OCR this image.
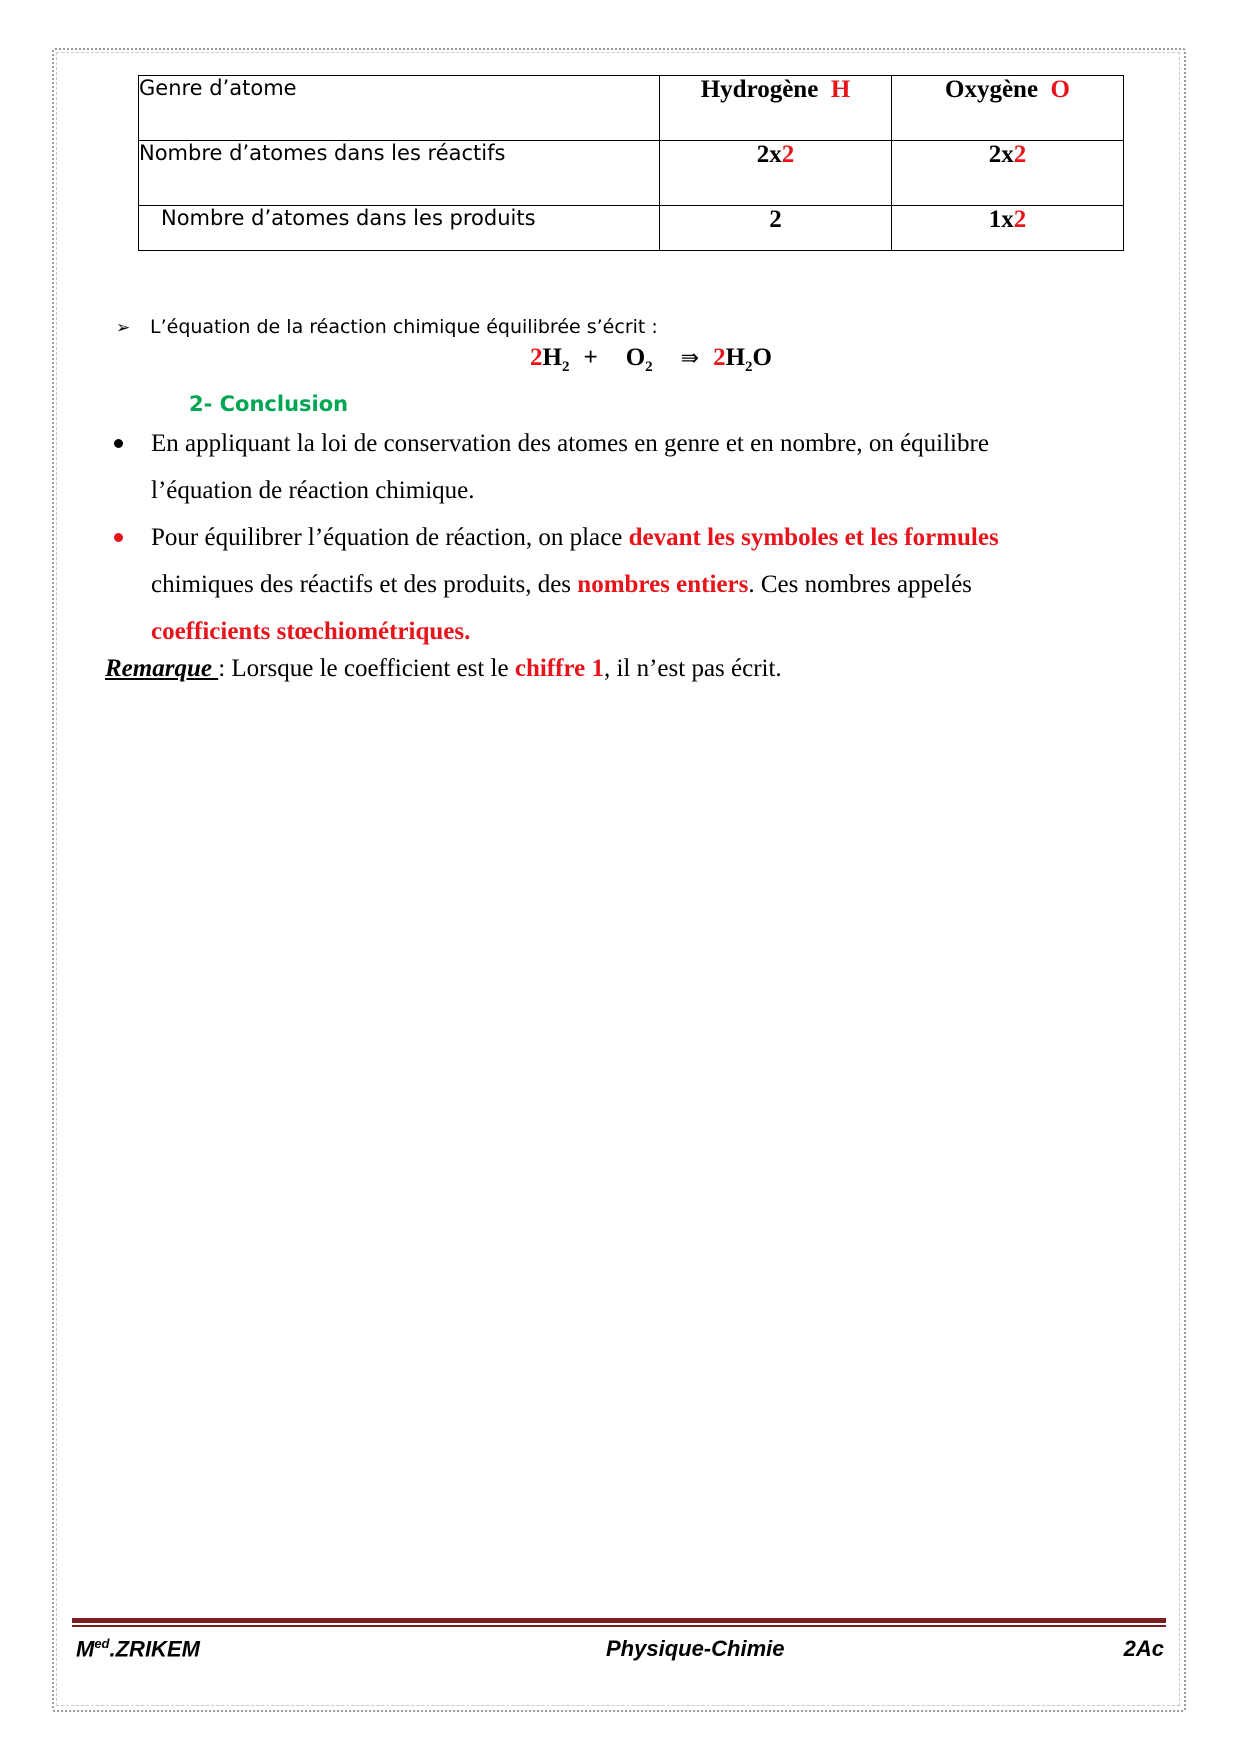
Genre d’atome	Hydrogène H	Oxygène O
Nombre d’atomes dans les réactifs	2x2	2x2
Nombre d’atomes dans les produits	2	1x2
➢ L’équation de la réaction chimique équilibrée s’écrit :
$2H_2 + O_2$ ⇛ $2H_2O$
2- Conclusion
En appliquant la loi de conservation des atomes en genre et en nombre, on équilibre l’équation de réaction chimique.
Pour équilibrer l’équation de réaction, on place devant les symboles et les formules chimiques des réactifs et des produits, des nombres entiers. Ces nombres appelés
coefficients stœchiométriques.
Remarque : Lorsque le coefficient est le chiffre 1, il n’est pas écrit.
$M^{ed}.ZRIKEM$	Physique-Chimie	2Ac
